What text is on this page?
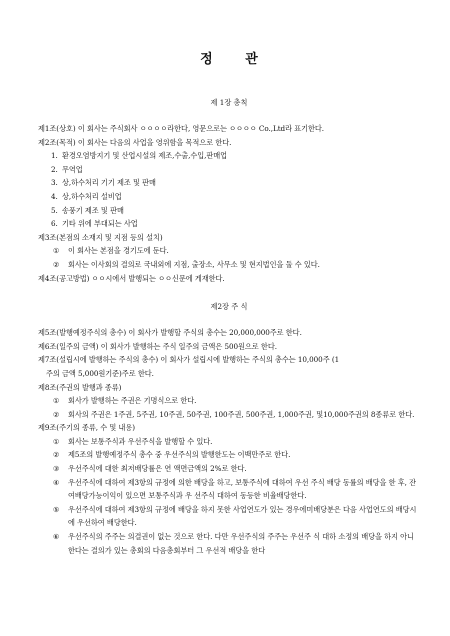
정 관

제 1장 총칙

제1조(상호) 이 회사는 주식회사 ㅇㅇㅇㅇ라한다, 영문으로는 ㅇㅇㅇㅇ Co.,Ltd라 표기한다.

제2조(목적) 이 회사는 다음의 사업을 영위함을 목적으로 한다.

1. 환경오염방지기 및 산업시설의 제조,수출,수입,판매업

2. 무역업

3. 상,하수처리 기기 제조 및 판매

4. 상,하수처리 설비업

5. 송풍기 제조 및 판매

6. 기타 위에 부대되는 사업

제3조(본점의 소재지 및 지점 등의 설치)

① 이 회사는 본점을 경기도에 둔다.

② 회사는 이사회의 결의로 국내외에 지점, 출장소, 사무소 및 현지법인을 둘 수 있다.

제4조(공고방법) ㅇㅇ시에서 발행되는 ㅇㅇ신문에 게재한다.

제2장 주 식

제5조(발행예정주식의 총수) 이 회사가 발행할 주식의 총수는 20,000,000주로 한다.

제6조(일주의 금액) 이 회사가 발행하는 주식 일주의 금액은 500원으로 한다.

제7조(설립시에 발행하는 주식의 총수) 이 회사가 설립시에 발행하는 주식의 총수는 10,000주 (1

주의 금액 5,000원기준)주로 한다.

제8조(주권의 발행과 종류)

① 회사가 발행하는 주권은 기명식으로 한다.

② 회사의 주권은 1주권, 5주권, 10주권, 50주권, 100주권, 500주권, 1,000주권, 및10,000주권의 8종류로 한다.

제9조(주기의 종류, 수 및 내용)

① 회사는 보통주식과 우선주식을 발행할 수 있다.

② 제5조의 발행예정주식 총수 중 우선주식의 발행한도는 이백만주로 한다.

③ 우선주식에 대한 최저배당률은 연 액면금액의 2%로 한다.

④ 우선주식에 대하여 제3항의 규정에 의한 배당을 하고, 보통주식에 대하여 우선 주식 배당 동률의 배당을 한 후, 잔여배당가능이익이 있으면 보통주식과 우 선주식 대하여 동등한 비율배당한다.

⑤ 우선주식에 대하여 제3항의 규정에 배당을 하지 못한 사업연도가 있는 경우에미배당분은 다음 사업연도의 배당시에 우선하여 배당한다.

⑥ 우선주식의 주주는 의결권이 없는 것으로 한다. 다만 우선주식의 주주는 우선주 식 대하 소정의 배당을 하지 아니한다는 결의가 있는 총회의 다음총회부터 그 우선적 배당을 한다
